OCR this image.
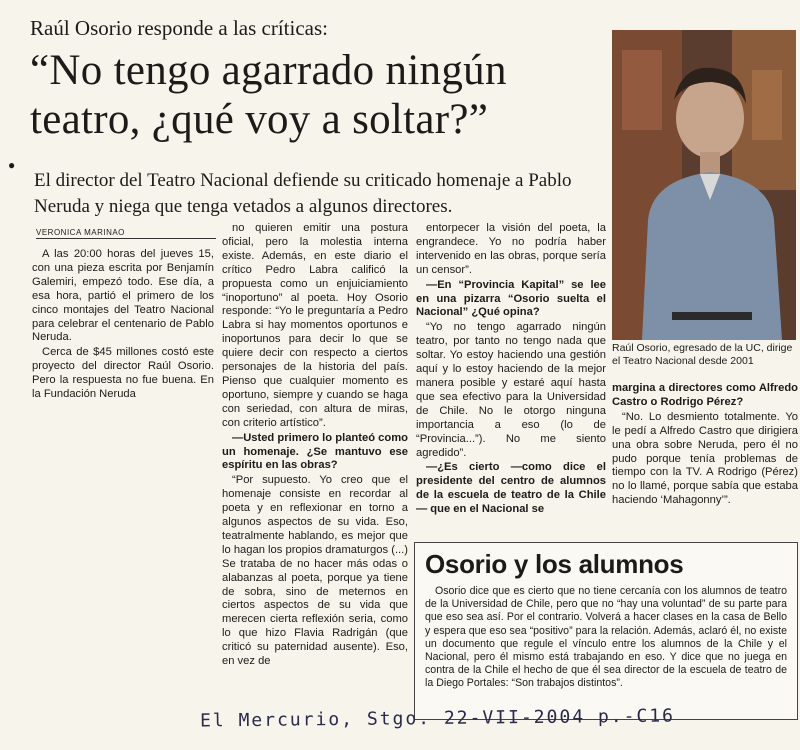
Raúl Osorio responde a las críticas:
“No tengo agarrado ningún teatro, ¿qué voy a soltar?”
●
El director del Teatro Nacional defiende su criticado homenaje a Pablo Neruda y niega que tenga vetados a algunos directores.
Raúl Osorio, egresado de la UC, dirige el Teatro Nacional desde 2001
VERONICA MARINAO

A las 20:00 horas del jueves 15, con una pieza escrita por Benjamín Galemiri, empezó todo. Ese día, a esa hora, partió el primero de los cinco montajes del Teatro Nacional para celebrar el centenario de Pablo Neruda.

Cerca de $45 millones costó este proyecto del director Raúl Osorio. Pero la respuesta no fue buena. En la Fundación Neruda

no quieren emitir una postura oficial, pero la molestia interna existe. Además, en este diario el crítico Pedro Labra calificó la propuesta como un enjuiciamiento “inoportuno” al poeta. Hoy Osorio responde: “Yo le preguntaría a Pedro Labra si hay momentos oportunos e inoportunos para decir lo que se quiere decir con respecto a ciertos personajes de la historia del país. Pienso que cualquier momento es oportuno, siempre y cuando se haga con seriedad, con altura de miras, con criterio artístico”.

—Usted primero lo planteó como un homenaje. ¿Se mantuvo ese espíritu en las obras?

“Por supuesto. Yo creo que el homenaje consiste en recordar al poeta y en reflexionar en torno a algunos aspectos de su vida. Eso, teatralmente hablando, es mejor que lo hagan los propios dramaturgos (...) Se trataba de no hacer más odas o alabanzas al poeta, porque ya tiene de sobra, sino de meternos en ciertos aspectos de su vida que merecen cierta reflexión seria, como lo que hizo Flavia Radrigán (que criticó su paternidad ausente). Eso, en vez de

entorpecer la visión del poeta, la engrandece. Yo no podría haber intervenido en las obras, porque sería un censor”.

—En “Provincia Kapital” se lee en una pizarra “Osorio suelta el Nacional” ¿Qué opina?

“Yo no tengo agarrado ningún teatro, por tanto no tengo nada que soltar. Yo estoy haciendo una gestión aquí y lo estoy haciendo de la mejor manera posible y estaré aquí hasta que sea efectivo para la Universidad de Chile. No le otorgo ninguna importancia a eso (lo de “Provincia...”). No me siento agredido”.

—¿Es cierto —como dice el presidente del centro de alumnos de la escuela de teatro de la Chile— que en el Nacional se

margina a directores como Alfredo Castro o Rodrigo Pérez?

“No. Lo desmiento totalmente. Yo le pedí a Alfredo Castro que dirigiera una obra sobre Neruda, pero él no pudo porque tenía problemas de tiempo con la TV. A Rodrigo (Pérez) no lo llamé, porque sabía que estaba haciendo ‘Mahagonny’”.

Osorio y los alumnos

Osorio dice que es cierto que no tiene cercanía con los alumnos de teatro de la Universidad de Chile, pero que no “hay una voluntad” de su parte para que eso sea así. Por el contrario. Volverá a hacer clases en la casa de Bello y espera que eso sea “positivo” para la relación. Además, aclaró él, no existe un documento que regule el vínculo entre los alumnos de la Chile y el Nacional, pero él mismo está trabajando en eso. Y dice que no juega en contra de la Chile el hecho de que él sea director de la escuela de teatro de la Diego Portales: “Son trabajos distintos”.

El Mercurio, Stgo. 22-VII-2004 p.-C16
